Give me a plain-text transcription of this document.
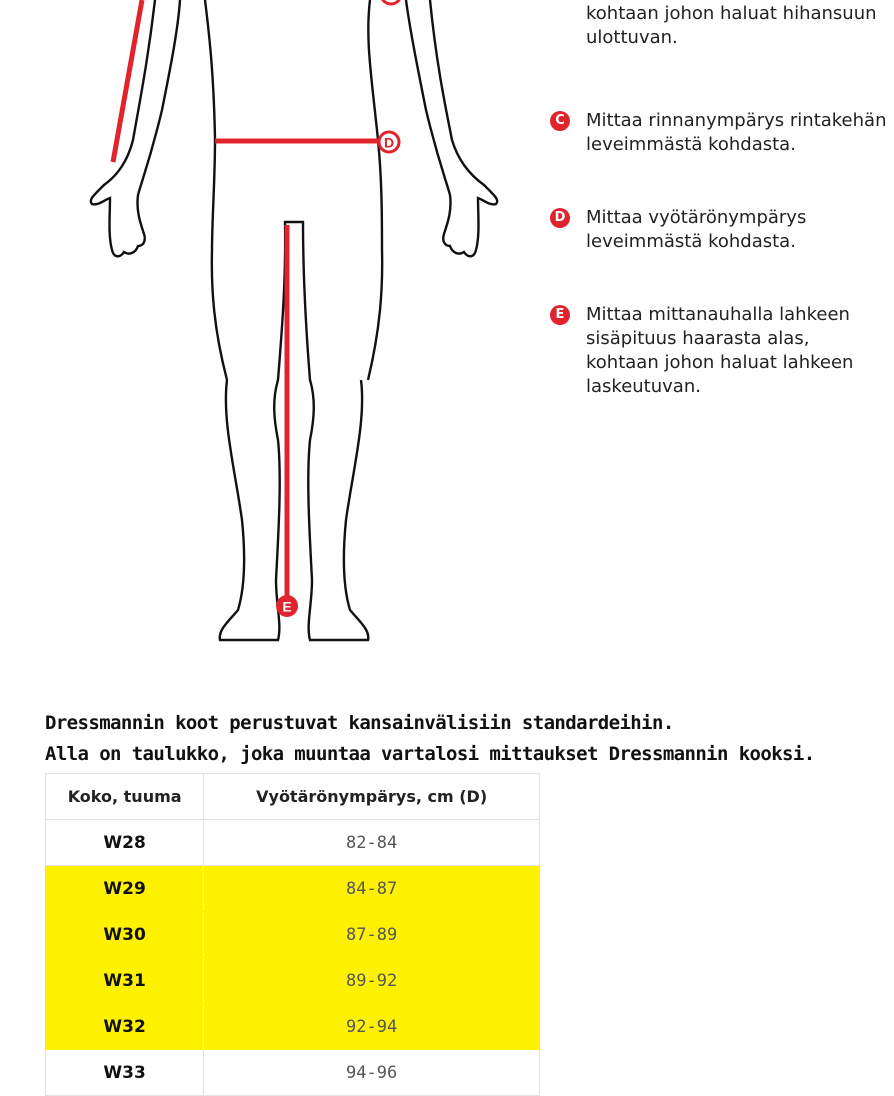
D
E

kohtaan johon haluat hihansuun
ulottuvan.
C Mittaa rinnanympärys rintakehän
leveimmästä kohdasta.
D Mittaa vyötärönympärys
leveimmästä kohdasta.
E	Mittaa mittanauhalla lahkeen
sisäpituus haarasta alas,
kohtaan johon haluat lahkeen
laskeutuvan.
Dressmannin koot perustuvat kansainvälisiin standardeihin.
Alla on taulukko, joka muuntaa vartalosi mittaukset Dressmannin kooksi.
Koko, tuuma	Vyötärönympärys, cm (D)
W28	82-84
W29	84-87
W30	87-89
W31	89-92
W32	92-94
W33	94-96
